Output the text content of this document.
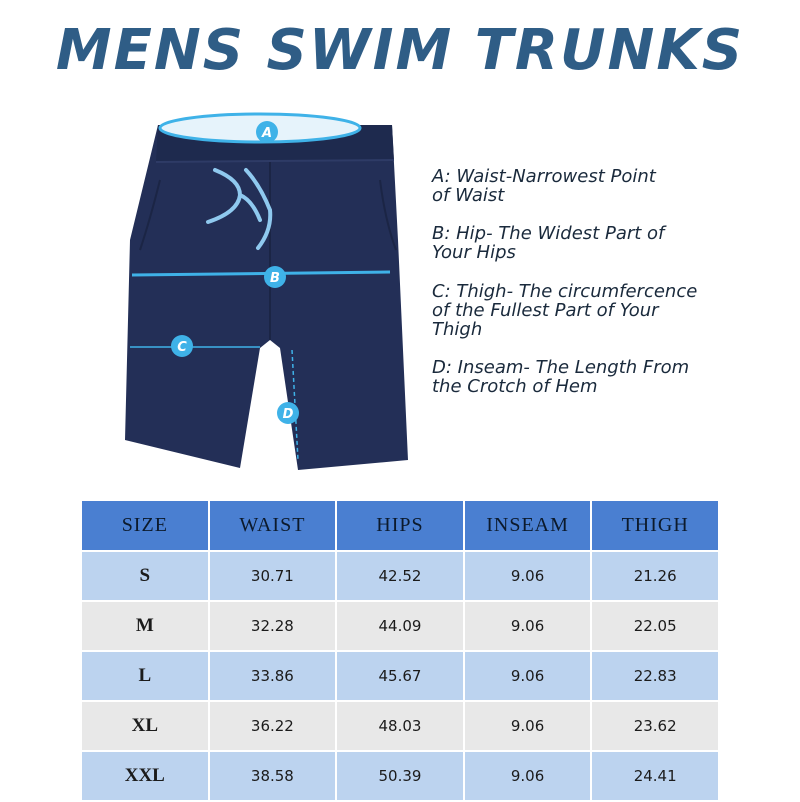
MENS SWIM TRUNKS
A
B
C
D
A: Waist-Narrowest Point
of Waist
B: Hip- The Widest Part of
Your Hips
C: Thigh- The circumfercence
of the Fullest Part of Your
Thigh
D: Inseam- The Length From
the Crotch of Hem
SIZE	WAIST	HIPS	INSEAM	THIGH
S	30.71	42.52	9.06	21.26
M	32.28	44.09	9.06	22.05
L	33.86	45.67	9.06	22.83
XL	36.22	48.03	9.06	23.62
XXL	38.58	50.39	9.06	24.41
